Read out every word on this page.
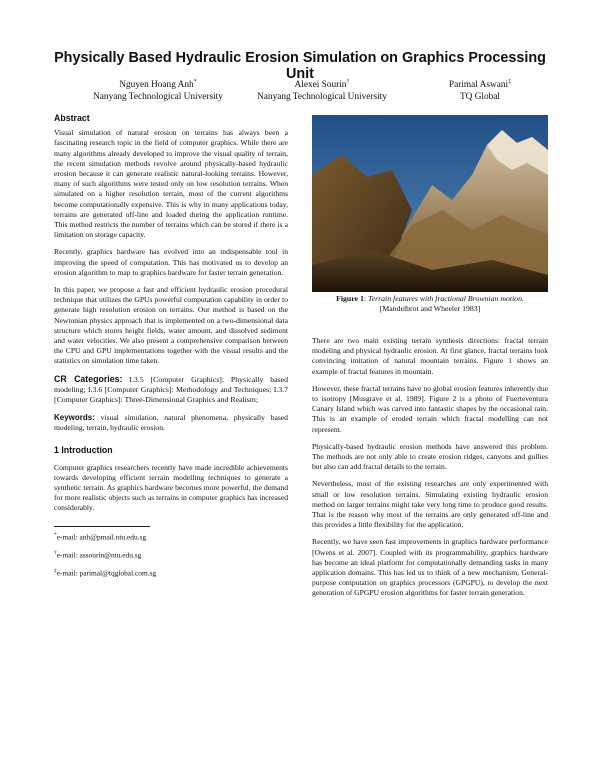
Physically Based Hydraulic Erosion Simulation on Graphics Processing Unit
Nguyen Hoang Anh*
Nanyang Technological University
Alexei Sourin†
Nanyang Technological University
Parimal Aswani‡
TQ Global
Abstract

Visual simulation of natural erosion on terrains has always been a fascinating research topic in the field of computer graphics. While there are many algorithms already developed to improve the visual quality of terrain, the recent simulation methods revolve around physically-based hydraulic erosion because it can generate realistic natural-looking terrains. However, many of such algorithms were tested only on low resolution terrains. When simulated on a higher resolution terrain, most of the current algorithms become computationally expensive. This is why in many applications today, terrains are generated off-line and loaded during the application runtime. This method restricts the number of terrains which can be stored if there is a limitation on storage capacity.

Recently, graphics hardware has evolved into an indispensable tool in improving the speed of computation. This has motivated us to develop an erosion algorithm to map to graphics hardware for faster terrain generation.

In this paper, we propose a fast and efficient hydraulic erosion procedural technique that utilizes the GPUs powerful computation capability in order to generate high resolution erosion on terrains. Our method is based on the Newtonian physics approach that is implemented on a two-dimensional data structure which stores height fields, water amount, and dissolved sediment and water velocities. We also present a comprehensive comparison between the CPU and GPU implementations together with the visual results and the statistics on simulation time taken.

CR Categories: I.3.5 [Computer Graphics]: Physically based modeling; I.3.6 [Computer Graphics]: Methodology and Techniques; I.3.7 [Computer Graphics]: Three-Dimensional Graphics and Realism;

Keywords: visual simulation, natural phenomena, physically based modeling, terrain, hydraulic erosion.

1 Introduction

Computer graphics researchers recently have made incredible achievements towards developing efficient terrain modelling techniques to generate a synthetic terrain. As graphics hardware becomes more powerful, the demand for more realistic objects such as terrains in computer graphics has increased considerably.

*e-mail: anh@pmail.ntu.edu.sg

†e-mail: assourin@ntu.edu.sg

‡e-mail: parimal@tqglobal.com.sg

Figure 1: Terrain features with fractional Brownian motion.
[Mandelbrot and Wheeler 1983]

There are two main existing terrain synthesis directions: fractal terrain modeling and physical hydraulic erosion. At first glance, fractal terrains look convincing imitation of natural mountain terrains. Figure 1 shows an example of fractal features in mountain.

However, these fractal terrains have no global erosion features inherently due to isotropy [Musgrave et al. 1989]. Figure 2 is a photo of Fuerteventura Canary Island which was carved into fantastic shapes by the occasional rain. This is an example of eroded terrain which fractal modelling can not represent.

Physically-based hydraulic erosion methods have answered this problem. The methods are not only able to create erosion ridges, canyons and gullies but also can add fractal details to the terrain.

Nevertheless, most of the existing researches are only experimented with small or low resolution terrains. Simulating existing hydraulic erosion method on larger terrains might take very long time to produce good results. That is the reason why most of the terrains are only generated off-line and this provides a little flexibility for the application.

Recently, we have seen fast improvements in graphics hardware performance [Owens et al. 2007]. Coupled with its programmability, graphics hardware has become an ideal platform for computationally demanding tasks in many application domains. This has led us to think of a new mechanism, General-purpose computation on graphics processors (GPGPU), to develop the next generation of GPGPU erosion algorithms for faster terrain generation.
